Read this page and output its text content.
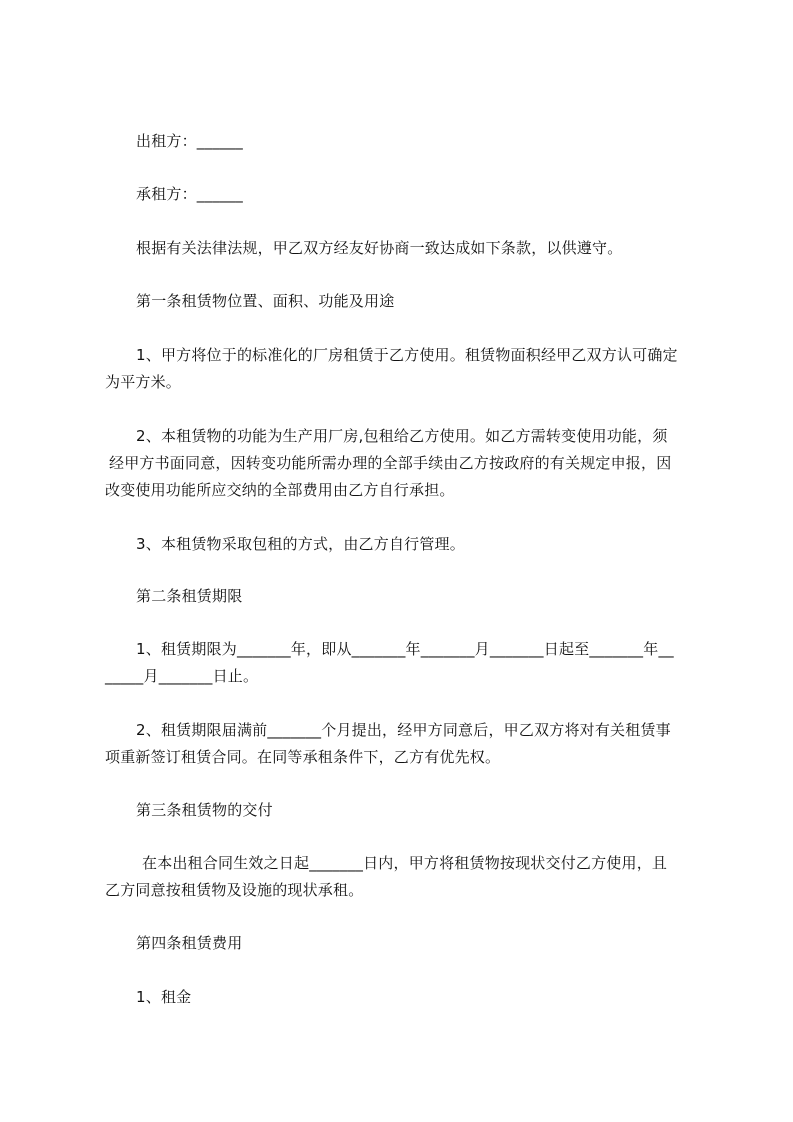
出租方：______
承租方：______
根据有关法律法规，甲乙双方经友好协商一致达成如下条款，以供遵守。
第一条租赁物位置、面积、功能及用途
1、甲方将位于的标准化的厂房租赁于乙方使用。租赁物面积经甲乙双方认可确定
为平方米。
2、本租赁物的功能为生产用厂房,包租给乙方使用。如乙方需转变使用功能，须
经甲方书面同意，因转变功能所需办理的全部手续由乙方按政府的有关规定申报，因
改变使用功能所应交纳的全部费用由乙方自行承担。
3、本租赁物采取包租的方式，由乙方自行管理。
第二条租赁期限
1、租赁期限为_______年，即从_______年_______月_______日起至_______年__
_____月_______日止。
2、租赁期限届满前_______个月提出，经甲方同意后，甲乙双方将对有关租赁事
项重新签订租赁合同。在同等承租条件下，乙方有优先权。
第三条租赁物的交付
在本出租合同生效之日起_______日内，甲方将租赁物按现状交付乙方使用，且
乙方同意按租赁物及设施的现状承租。
第四条租赁费用
1、租金
